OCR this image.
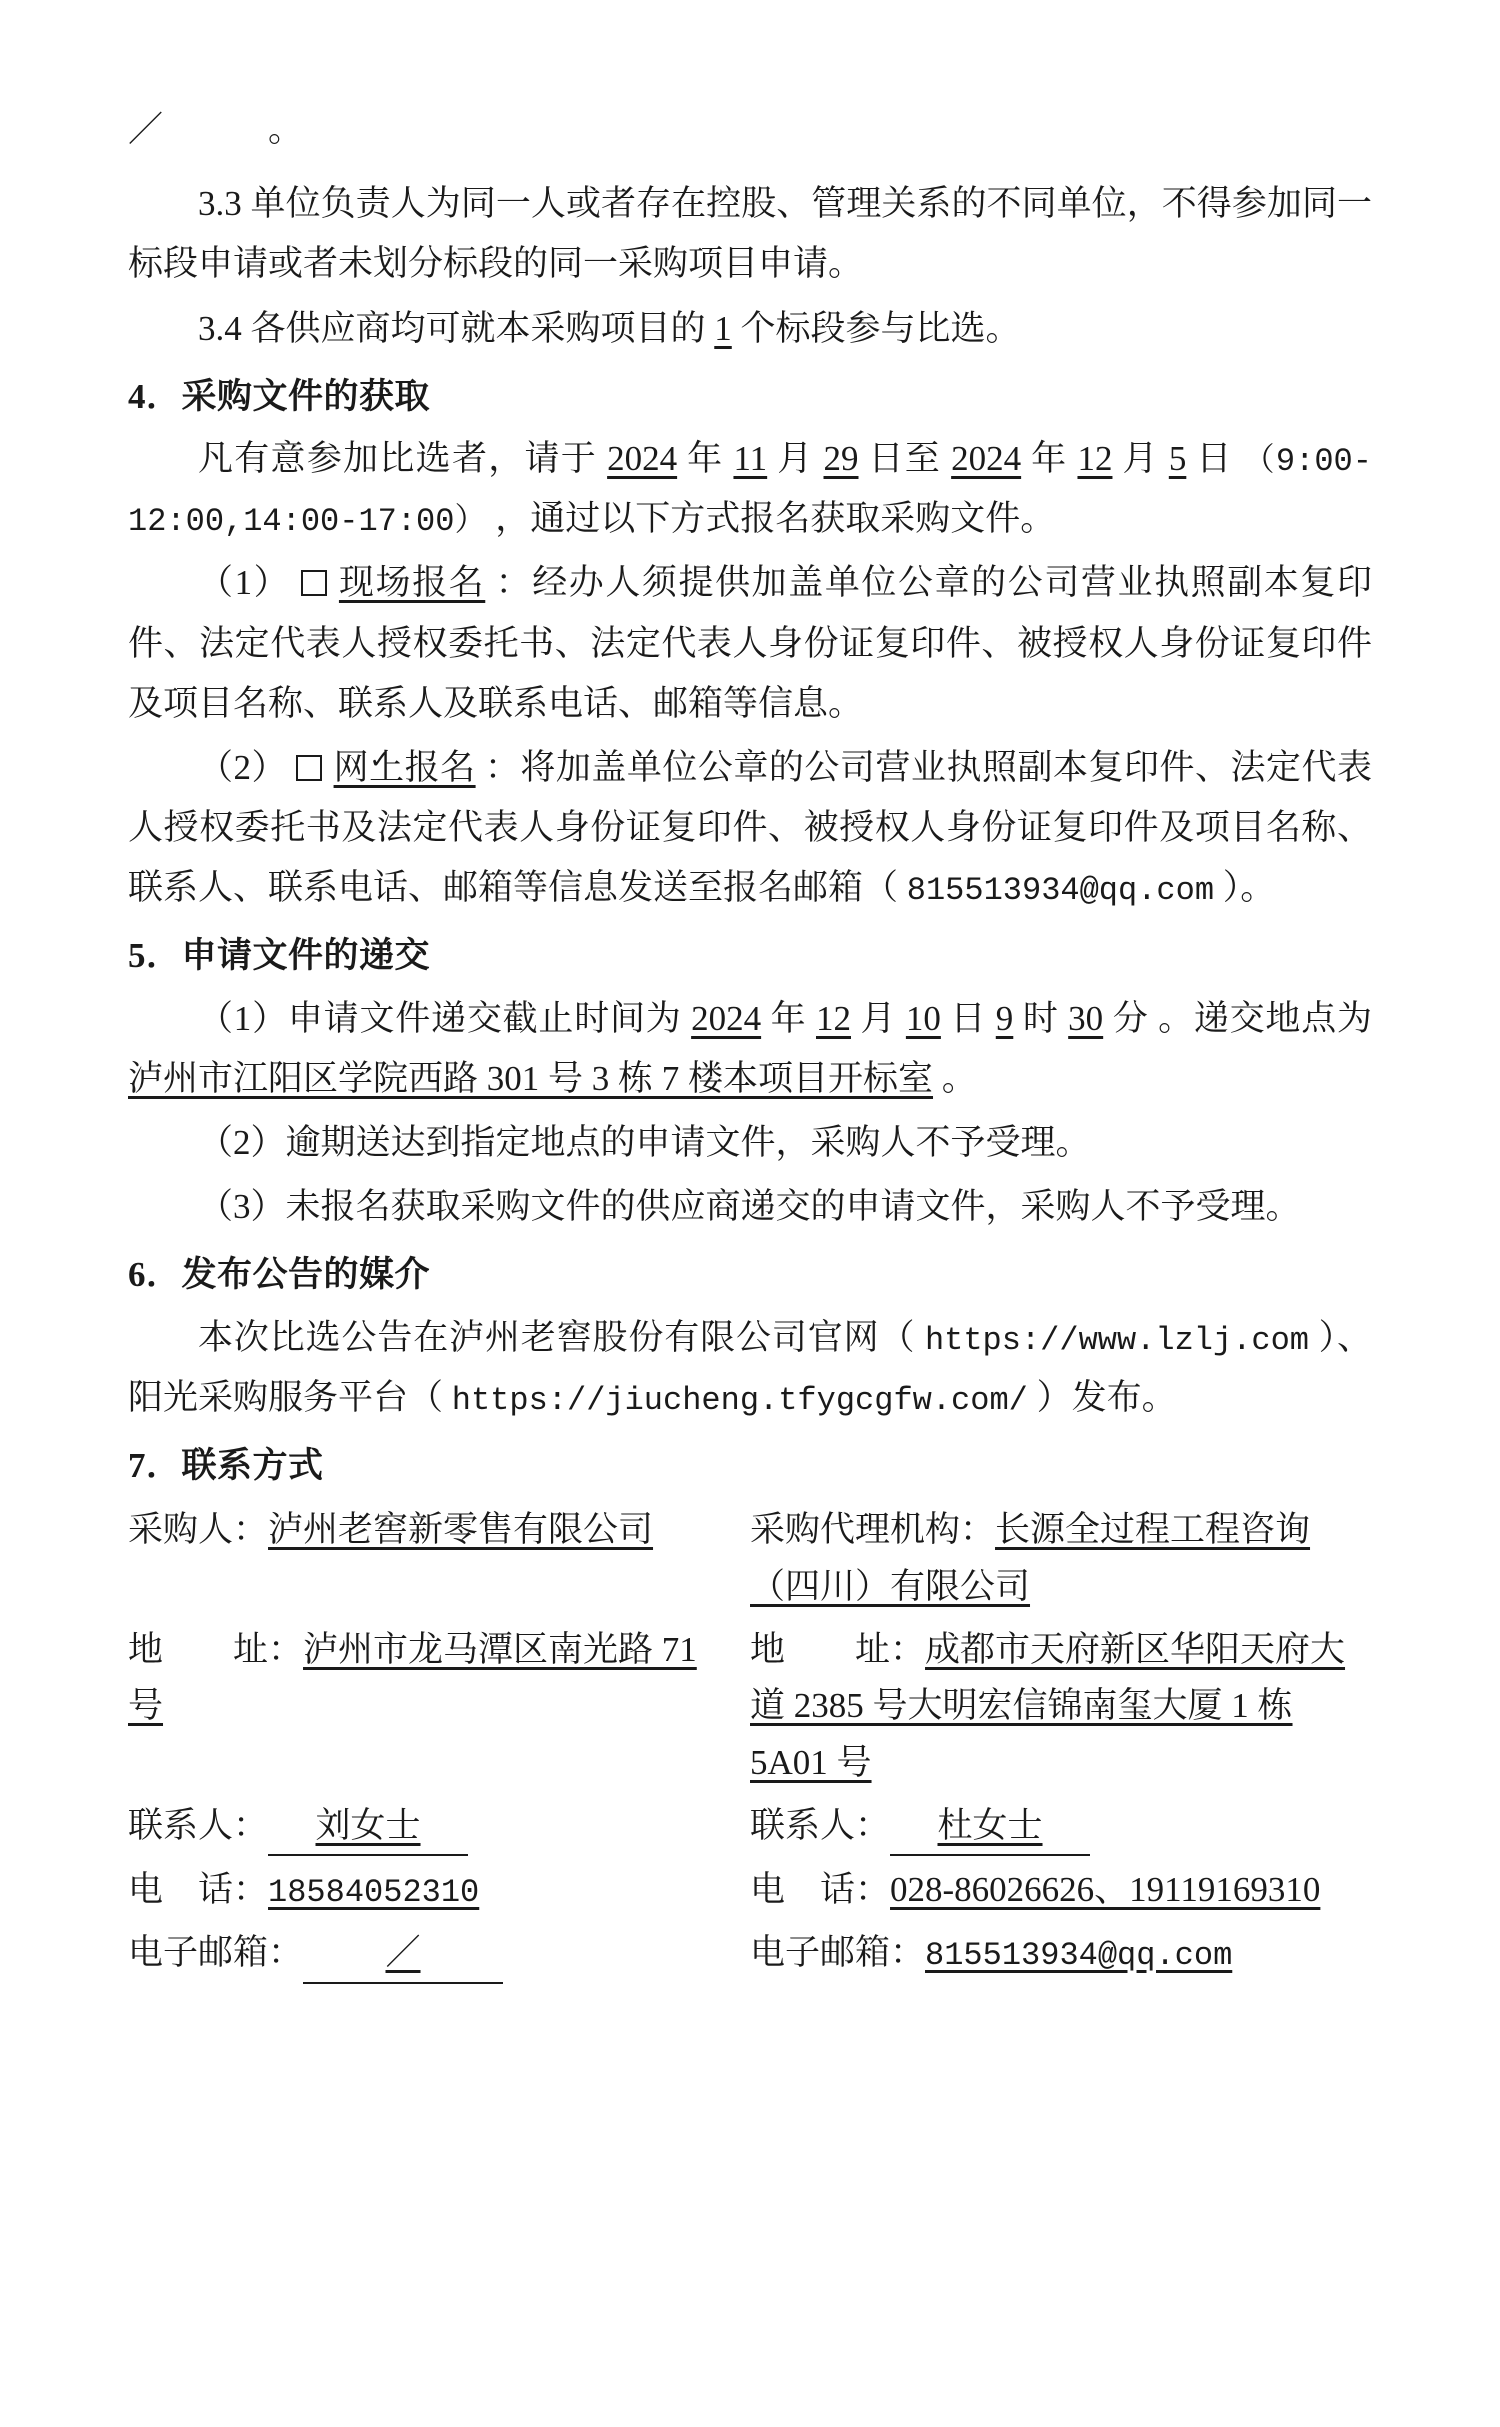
／　　　。

3.3 单位负责人为同一人或者存在控股、管理关系的不同单位，不得参加同一标段申请或者未划分标段的同一采购项目申请。

3.4 各供应商均可就本采购项目的 1 个标段参与比选。

4．采购文件的获取

凡有意参加比选者，请于 2024 年 11 月 29 日至 2024 年 12 月 5 日 （9:00-12:00,14:00-17:00） ，通过以下方式报名获取采购文件。

（1） 现场报名 ：经办人须提供加盖单位公章的公司营业执照副本复印件、法定代表人授权委托书、法定代表人身份证复印件、被授权人身份证复印件及项目名称、联系人及联系电话、邮箱等信息。

（2） ✓ 网上报名 ：将加盖单位公章的公司营业执照副本复印件、法定代表人授权委托书及法定代表人身份证复印件、被授权人身份证复印件及项目名称、联系人、联系电话、邮箱等信息发送至报名邮箱（ 815513934@qq.com ）。

5．申请文件的递交

（1）申请文件递交截止时间为 2024 年 12 月 10 日 9 时 30 分 。递交地点为 泸州市江阳区学院西路 301 号 3 栋 7 楼本项目开标室 。

（2）逾期送达到指定地点的申请文件，采购人不予受理。

（3）未报名获取采购文件的供应商递交的申请文件，采购人不予受理。

6．发布公告的媒介

本次比选公告在泸州老窖股份有限公司官网（ https://www.lzlj.com ）、阳光采购服务平台（ https://jiucheng.tfygcgfw.com/ ）发布。

7．联系方式

采购人：泸州老窖新零售有限公司	采购代理机构：长源全过程工程咨询（四川）有限公司
地　　址：泸州市龙马潭区南光路 71 号	地　　址：成都市天府新区华阳天府大道 2385 号大明宏信锦南玺大厦 1 栋 5A01 号
联系人： 刘女士	联系人： 杜女士
电　话：18584052310	电　话：028-86026626、19119169310
电子邮箱： ／	电子邮箱：815513934@qq.com
